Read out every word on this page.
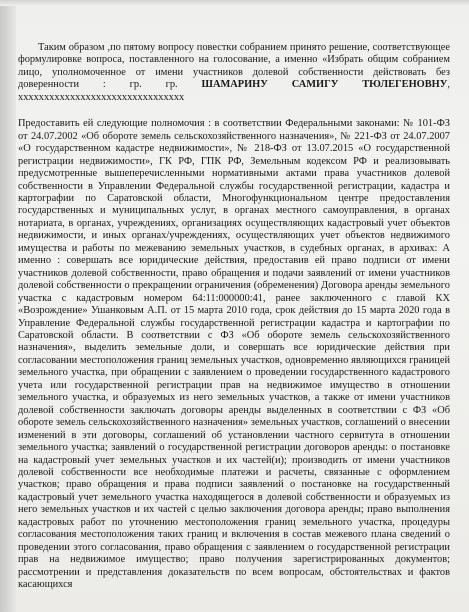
Таким образом ,по пятому вопросу повестки собранием принято решение, соответствующее формулировке вопроса, поставленного на голосование, а именно «Избрать общим собранием лицо, уполномоченное от имени участников долевой собственности действовать без доверенности : гр. гр. ШАМАРИНУ САМИГУ ТЮЛЕГЕНОВНУ, хххххххххххххххххххххххххххххххх

Предоставить ей следующие полномочия : в соответствии Федеральными законами: № 101-ФЗ от 24.07.2002 «Об обороте земель сельскохозяйственного назначения», № 221-ФЗ от 24.07.2007 «О государственном кадастре недвижимости», № 218-ФЗ от 13.07.2015 «О государственной регистрации недвижимости», ГК РФ, ГПК РФ, Земельным кодексом РФ и реализовывать предусмотренные вышеперечисленными нормативными актами права участников долевой собственности в Управлении Федеральной службы государственной регистрации, кадастра и картографии по Саратовской области, Многофункциональном центре предоставления государственных и муниципальных услуг, в органах местного самоуправления, в органах нотариата, в органах, учреждениях, организациях осуществляющих кадастровый учет объектов недвижимости, и иных органах/учреждениях, осуществляющих учет объектов недвижимого имущества и работы по межеванию земельных участков, в судебных органах, в архивах: А именно : совершать все юридические действия, предоставив ей право подписи от имени участников долевой собственности, право обращения и подачи заявлений от имени участников долевой собственности о прекращении ограничения (обременения) Договора аренды земельного участка с кадастровым номером 64:11:000000:41, ранее заключенного с главой КХ «Возрождение» Ушанковым А.П. от 15 марта 2010 года, срок действия до 15 марта 2020 года в Управление Федеральной службы государственной регистрации кадастра и картографии по Саратовской области. В соответствии с ФЗ «Об обороте земель сельскохозяйственного назначения», выделить земельные доли, и совершать все юридические действия при согласовании местоположения границ земельных участков, одновременно являющихся границей земельного участка, при обращении с заявлением о проведении государственного кадастрового учета или государственной регистрации прав на недвижимое имущество в отношении земельного участка, и образуемых из него земельных участков, а также от имени участников долевой собственности заключать договоры аренды выделенных в соответствии с ФЗ «Об обороте земель сельскохозяйственного назначения» земельных участков, соглашений о внесении изменений в эти договоры, соглашений об установлении частного сервитута в отношении земельного участка; заявлений о государственной регистрации договоров аренды: о постановке на кадастровый учет земельных участков и их частей(и); производить от имени участников долевой собственности все необходимые платежи и расчеты, связанные с оформлением участков; право обращения и права подписи заявлений о постановке на государственный кадастровый учет земельного участка находящегося в долевой собственности и образуемых из него земельных участков и их частей с целью заключения договора аренды; право выполнения кадастровых работ по уточнению местоположения границ земельного участка, процедуры согласования местоположения таких границ и включения в состав межевого плана сведений о проведении этого согласования, право обращения с заявлением о государственной регистрации прав на недвижимое имущество; право получения зарегистрированных документов; рассмотрении и представления доказательств по всем вопросам, обстоятельствах и фактов касающихся
